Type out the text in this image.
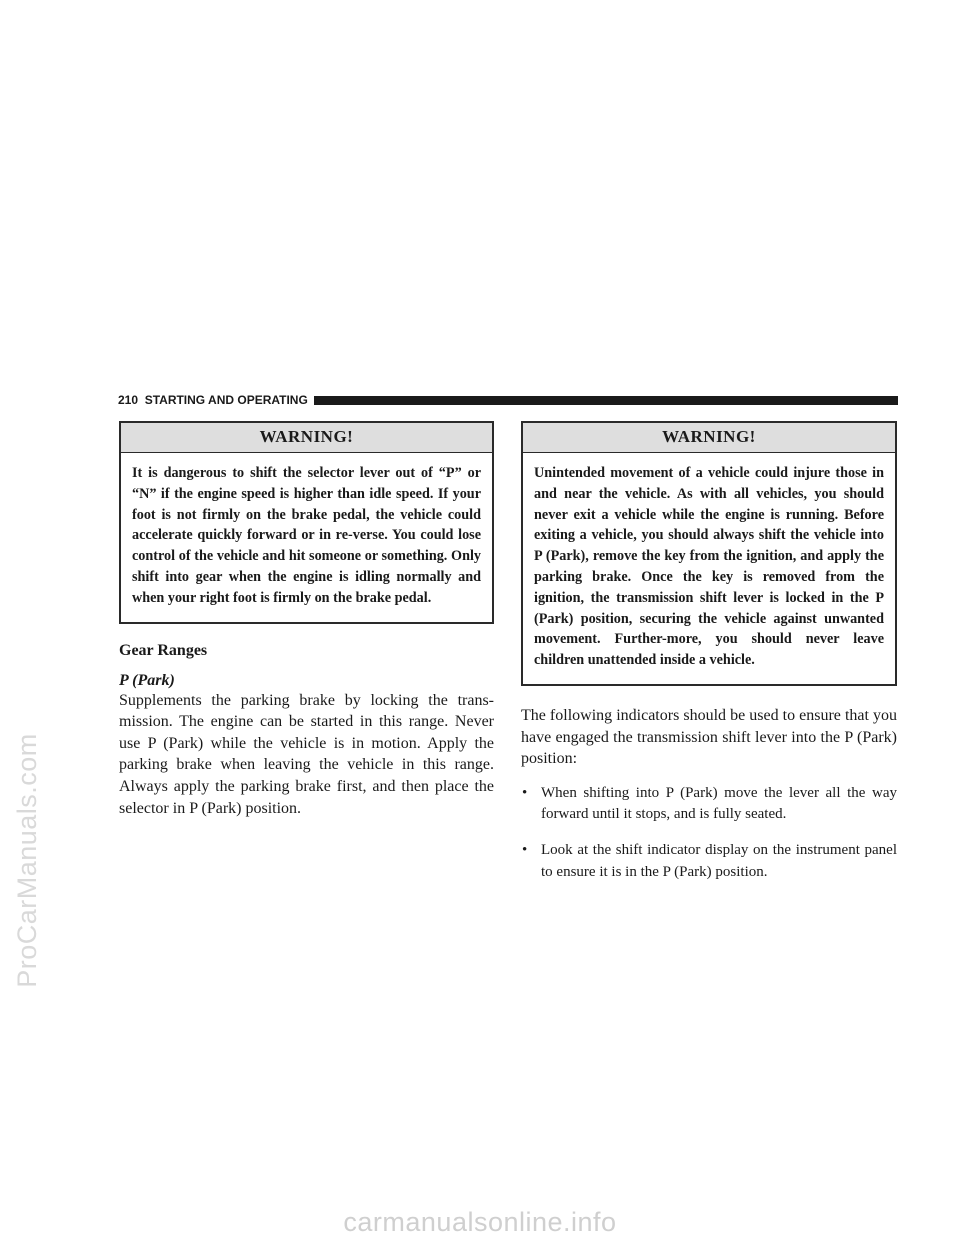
ProCarManuals.com
210 STARTING AND OPERATING
WARNING!
It is dangerous to shift the selector lever out of “P” or “N” if the engine speed is higher than idle speed. If your foot is not firmly on the brake pedal, the vehicle could accelerate quickly forward or in re-verse. You could lose control of the vehicle and hit someone or something. Only shift into gear when the engine is idling normally and when your right foot is firmly on the brake pedal.
Gear Ranges
P (Park)
Supplements the parking brake by locking the trans-mission. The engine can be started in this range. Never use P (Park) while the vehicle is in motion. Apply the parking brake when leaving the vehicle in this range. Always apply the parking brake first, and then place the selector in P (Park) position.
WARNING!
Unintended movement of a vehicle could injure those in and near the vehicle. As with all vehicles, you should never exit a vehicle while the engine is running. Before exiting a vehicle, you should always shift the vehicle into P (Park), remove the key from the ignition, and apply the parking brake. Once the key is removed from the ignition, the transmission shift lever is locked in the P (Park) position, securing the vehicle against unwanted movement. Further-more, you should never leave children unattended inside a vehicle.
The following indicators should be used to ensure that you have engaged the transmission shift lever into the P (Park) position:
• When shifting into P (Park) move the lever all the way forward until it stops, and is fully seated.
• Look at the shift indicator display on the instrument panel to ensure it is in the P (Park) position.
carmanualsonline.info
